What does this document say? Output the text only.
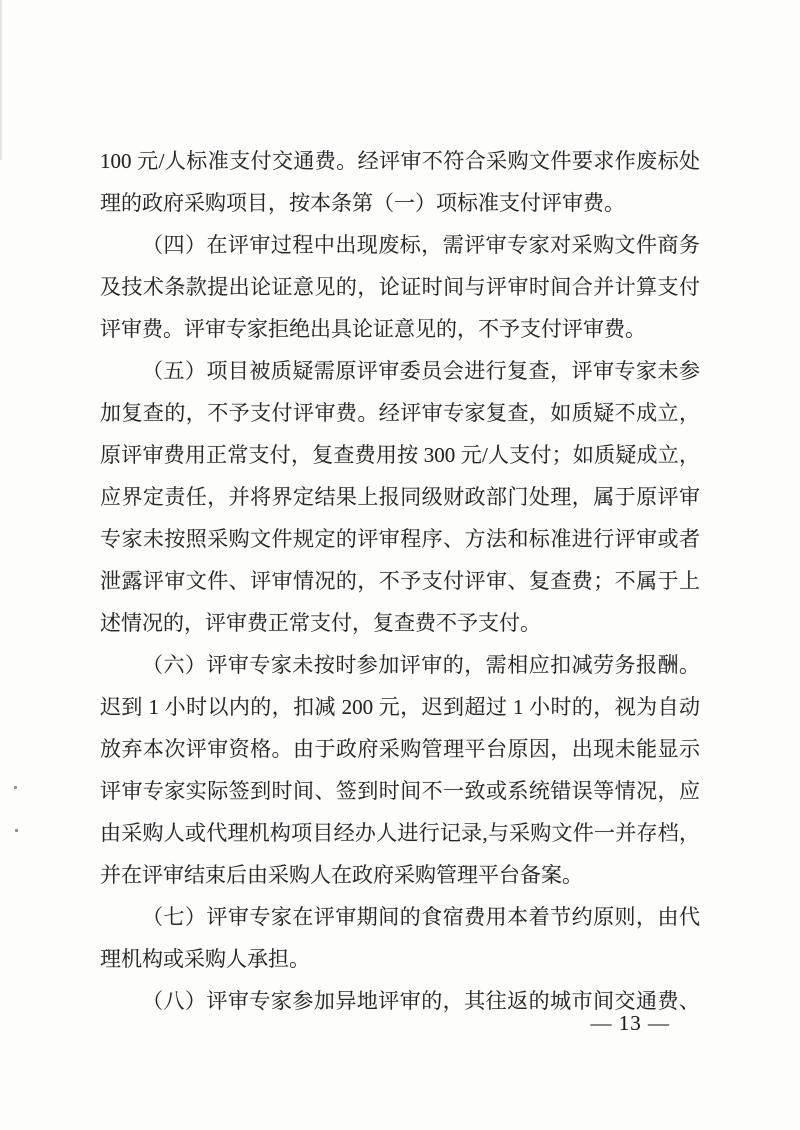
100 元/人标准支付交通费。经评审不符合采购文件要求作废标处
理的政府采购项目，按本条第（一）项标准支付评审费。
（四）在评审过程中出现废标，需评审专家对采购文件商务
及技术条款提出论证意见的，论证时间与评审时间合并计算支付
评审费。评审专家拒绝出具论证意见的，不予支付评审费。
（五）项目被质疑需原评审委员会进行复查，评审专家未参
加复查的，不予支付评审费。经评审专家复查，如质疑不成立，
原评审费用正常支付，复查费用按 300 元/人支付；如质疑成立，
应界定责任，并将界定结果上报同级财政部门处理，属于原评审
专家未按照采购文件规定的评审程序、方法和标准进行评审或者
泄露评审文件、评审情况的，不予支付评审、复查费；不属于上
述情况的，评审费正常支付，复查费不予支付。
（六）评审专家未按时参加评审的，需相应扣减劳务报酬。
迟到 1 小时以内的，扣减 200 元，迟到超过 1 小时的，视为自动
放弃本次评审资格。由于政府采购管理平台原因，出现未能显示
评审专家实际签到时间、签到时间不一致或系统错误等情况，应
由采购人或代理机构项目经办人进行记录,与采购文件一并存档，
并在评审结束后由采购人在政府采购管理平台备案。
（七）评审专家在评审期间的食宿费用本着节约原则，由代
理机构或采购人承担。
（八）评审专家参加异地评审的，其往返的城市间交通费、
— 13 —
